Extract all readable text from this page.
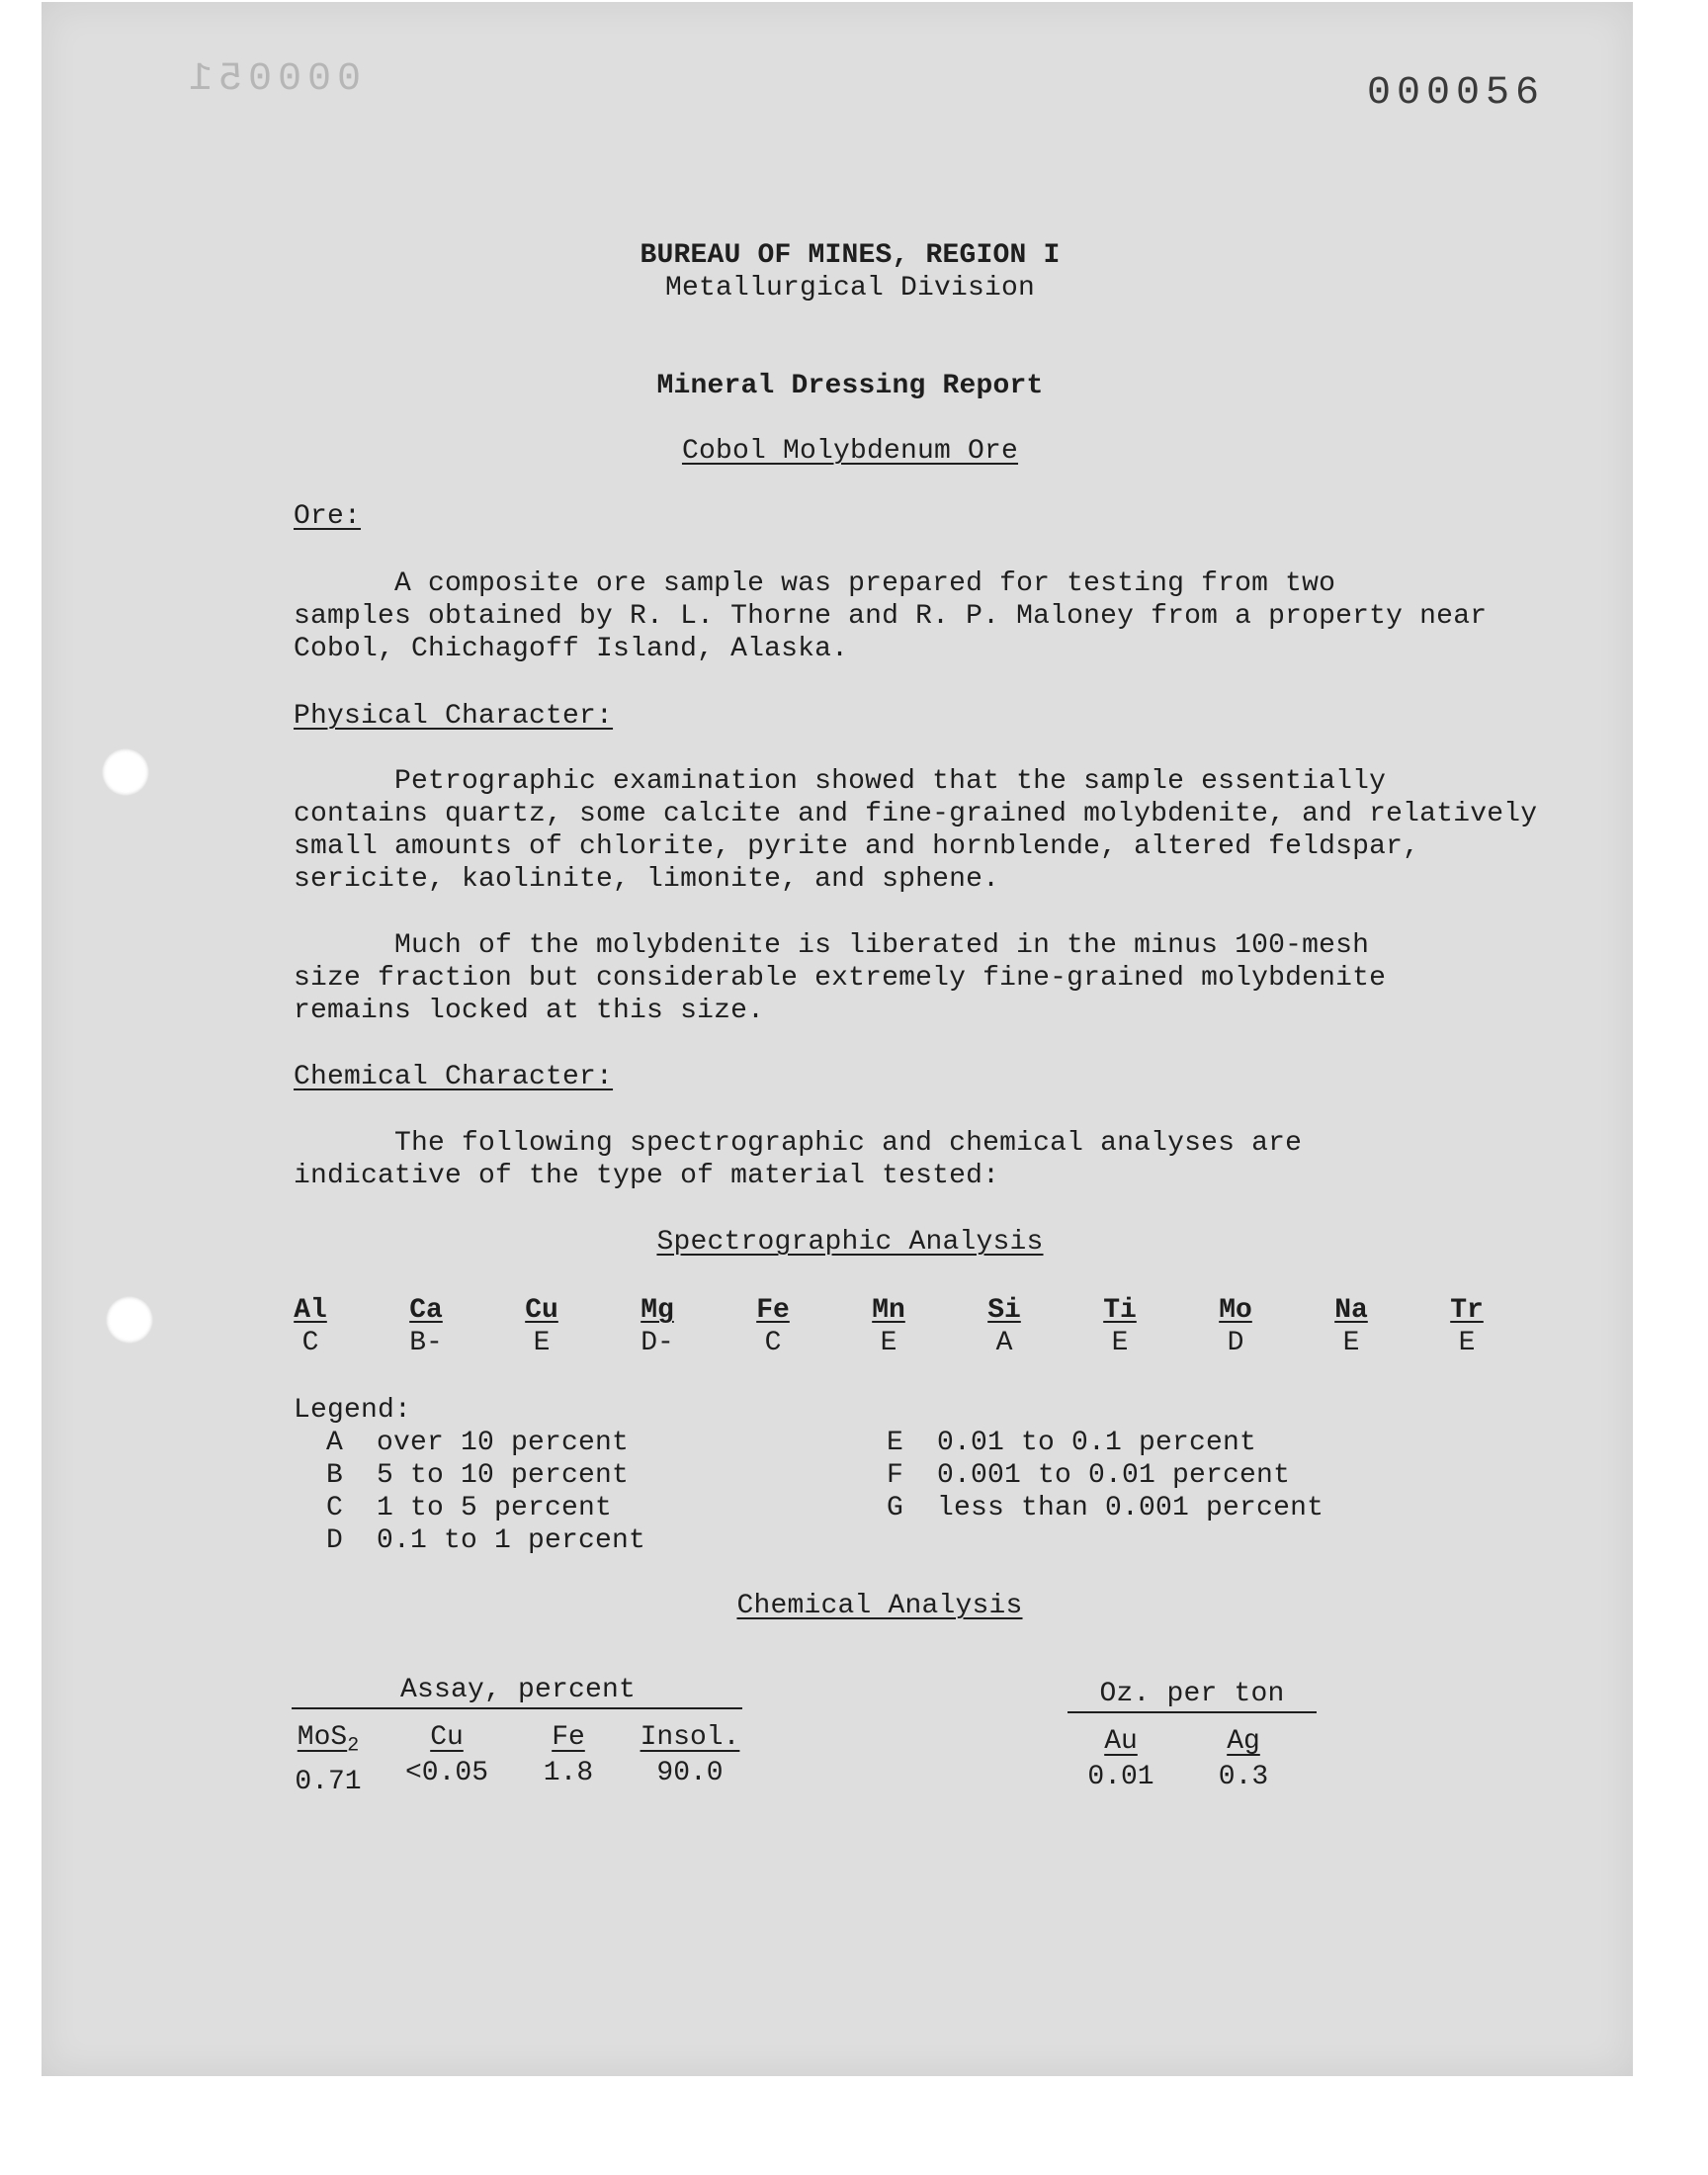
000051	000056
BUREAU OF MINES, REGION I
Metallurgical Division
Mineral Dressing Report
Cobol Molybdenum Ore
Ore:
A composite ore sample was prepared for testing from two
samples obtained by R. L. Thorne and R. P. Maloney from a property near
Cobol, Chichagoff Island, Alaska.
Physical Character:
Petrographic examination showed that the sample essentially
contains quartz, some calcite and fine-grained molybdenite, and relatively
small amounts of chlorite, pyrite and hornblende, altered feldspar,
sericite, kaolinite, limonite, and sphene.
Much of the molybdenite is liberated in the minus 100-mesh
size fraction but considerable extremely fine-grained molybdenite
remains locked at this size.
Chemical Character:
The following spectrographic and chemical analyses are
indicative of the type of material tested:
Spectrographic Analysis
Al
C
Ca
B-
Cu
E
Mg
D-
Fe
C
Mn
E
Si
A
Ti
E
Mo
D
Na
E
Tr
E
Legend:
A  over 10 percent
B  5 to 10 percent
C  1 to 5 percent
D  0.1 to 1 percent
E  0.01 to 0.1 percent
F  0.001 to 0.01 percent
G  less than 0.001 percent
Chemical Analysis
Assay, percent
MoS$_2$
0.71
Cu
<0.05
Fe
1.8
Insol.
90.0
Oz. per ton
Au
0.01
Ag
0.3
